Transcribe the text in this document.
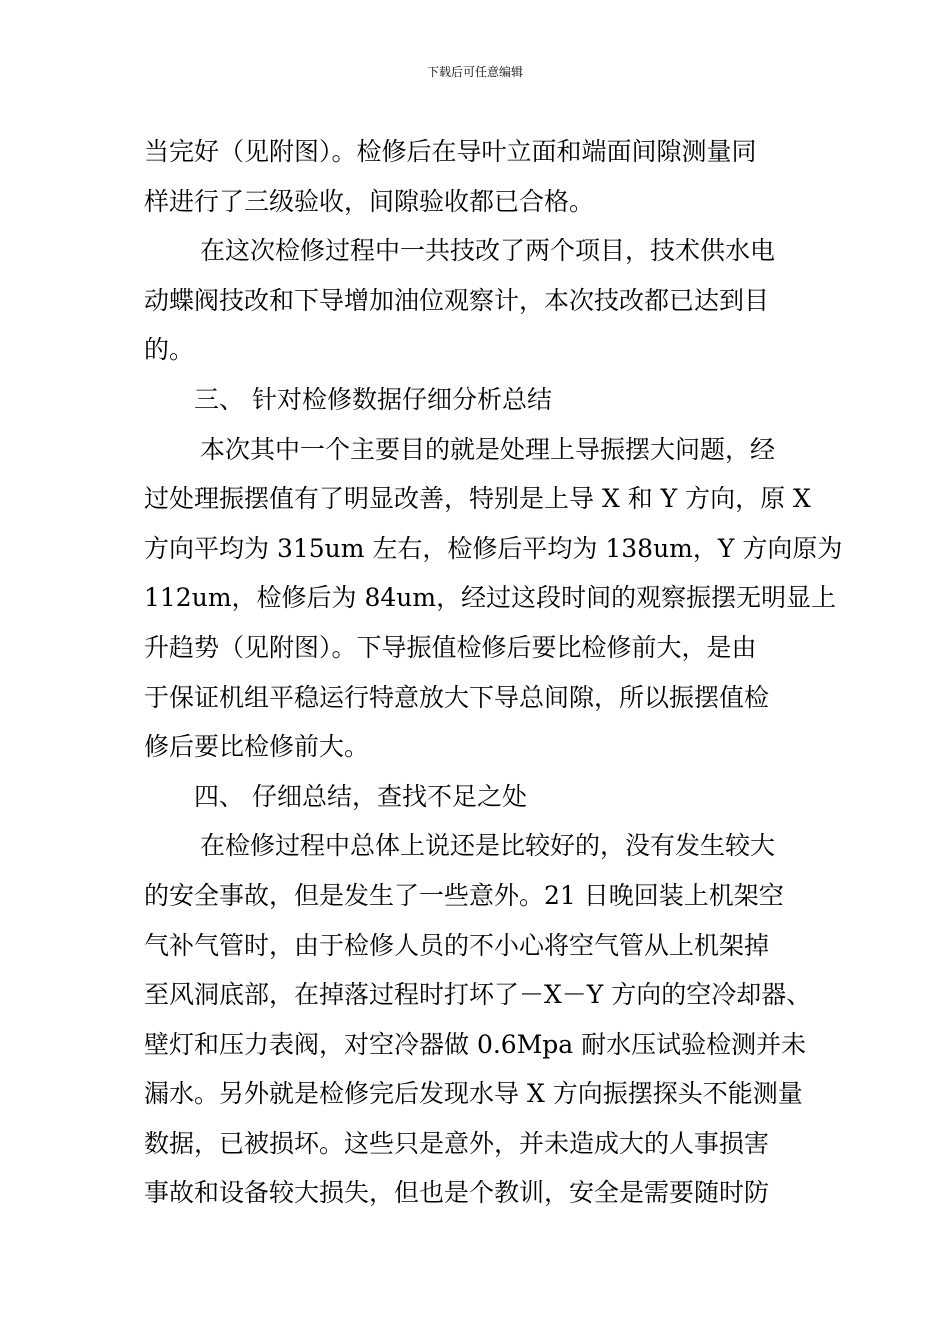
下载后可任意编辑
当完好（见附图）。检修后在导叶立面和端面间隙测量同
样进行了三级验收，间隙验收都已合格。
在这次检修过程中一共技改了两个项目，技术供水电
动蝶阀技改和下导增加油位观察计，本次技改都已达到目
的。
三、 针对检修数据仔细分析总结
本次其中一个主要目的就是处理上导振摆大问题，经
过处理振摆值有了明显改善，特别是上导 X 和 Y 方向，原 X
方向平均为 315um 左右，检修后平均为 138um，Y 方向原为
112um，检修后为 84um，经过这段时间的观察振摆无明显上
升趋势（见附图）。下导振值检修后要比检修前大，是由
于保证机组平稳运行特意放大下导总间隙，所以振摆值检
修后要比检修前大。
四、 仔细总结，查找不足之处
在检修过程中总体上说还是比较好的，没有发生较大
的安全事故，但是发生了一些意外。21 日晚回装上机架空
气补气管时，由于检修人员的不小心将空气管从上机架掉
至风洞底部，在掉落过程时打坏了－X－Y 方向的空冷却器、
壁灯和压力表阀，对空冷器做 0.6Mpa 耐水压试验检测并未
漏水。另外就是检修完后发现水导 X 方向振摆探头不能测量
数据，已被损坏。这些只是意外，并未造成大的人事损害
事故和设备较大损失，但也是个教训，安全是需要随时防
